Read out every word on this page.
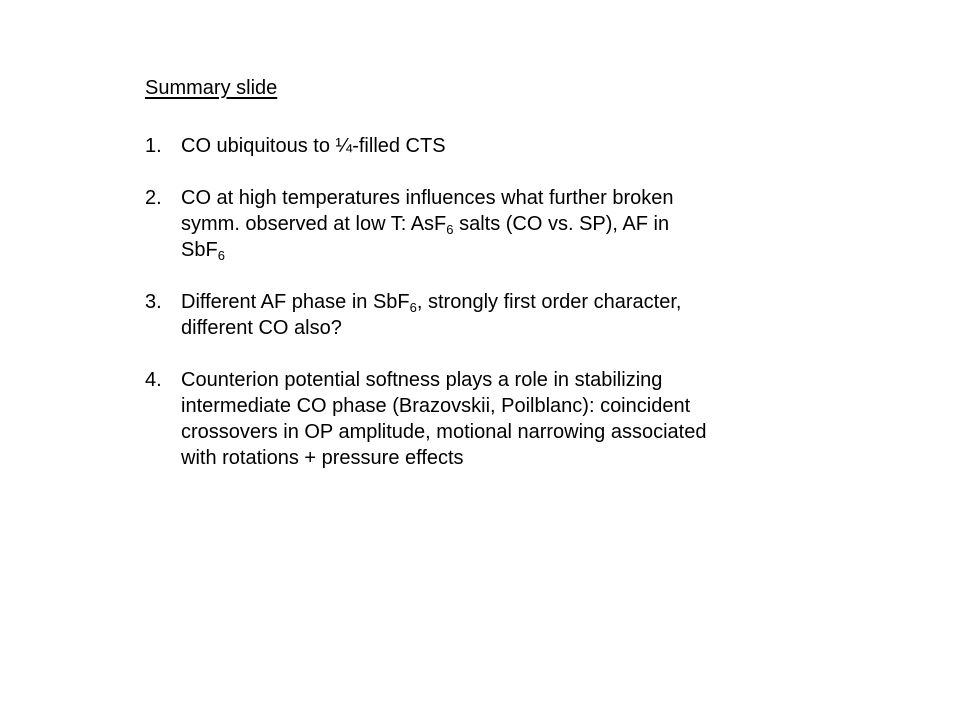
Summary slide
1. CO ubiquitous to ¼-filled CTS
2. CO at high temperatures influences what further broken
symm. observed at low T: AsF$_6$ salts (CO vs. SP), AF in
SbF$_6$
3. Different AF phase in SbF$_6$, strongly first order character,
different CO also?
4. Counterion potential softness plays a role in stabilizing
intermediate CO phase (Brazovskii, Poilblanc): coincident
crossovers in OP amplitude, motional narrowing associated
with rotations + pressure effects
